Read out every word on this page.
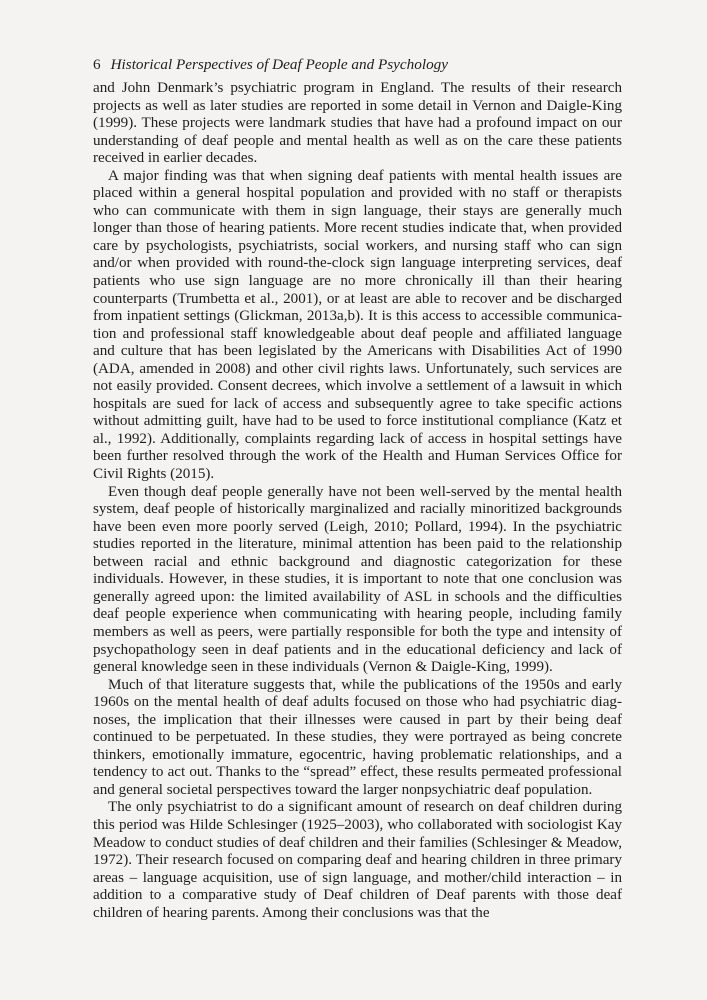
6 Historical Perspectives of Deaf People and Psychology

and John Denmark’s psychiatric program in England. The results of their research projects as well as later studies are reported in some detail in Vernon and Daigle-King (1999). These projects were landmark studies that have had a profound impact on our understanding of deaf people and mental health as well as on the care these patients received in earlier decades.

A major finding was that when signing deaf patients with mental health issues are placed within a general hospital population and provided with no staff or therapists who can communicate with them in sign language, their stays are generally much longer than those of hearing patients. More recent studies indicate that, when provided care by psychologists, psychiatrists, social workers, and nursing staff who can sign and/or when provided with round-the-clock sign language interpreting services, deaf patients who use sign language are no more chronically ill than their hearing counterparts (Trumbetta et al., 2001), or at least are able to recover and be discharged from inpatient settings (Glickman, 2013a,b). It is this access to accessible communication and professional staff knowledgeable about deaf people and affiliated language and culture that has been legislated by the Americans with Disabilities Act of 1990 (ADA, amended in 2008) and other civil rights laws. Unfortunately, such services are not easily provided. Consent decrees, which involve a settlement of a lawsuit in which hospitals are sued for lack of access and subsequently agree to take specific actions without admitting guilt, have had to be used to force institutional compliance (Katz et al., 1992). Additionally, complaints regarding lack of access in hospital settings have been further resolved through the work of the Health and Human Services Office for Civil Rights (2015).

Even though deaf people generally have not been well-served by the mental health system, deaf people of historically marginalized and racially minoritized backgrounds have been even more poorly served (Leigh, 2010; Pollard, 1994). In the psychiatric studies reported in the literature, minimal attention has been paid to the relationship between racial and ethnic background and diagnostic categorization for these individuals. However, in these studies, it is important to note that one conclusion was generally agreed upon: the limited availability of ASL in schools and the difficulties deaf people experience when communicating with hearing people, including family members as well as peers, were partially responsible for both the type and intensity of psychopathology seen in deaf patients and in the educational deficiency and lack of general knowledge seen in these individuals (Vernon & Daigle-King, 1999).

Much of that literature suggests that, while the publications of the 1950s and early 1960s on the mental health of deaf adults focused on those who had psychiatric diagnoses, the implication that their illnesses were caused in part by their being deaf continued to be perpetuated. In these studies, they were portrayed as being concrete thinkers, emotionally immature, egocentric, having problematic relationships, and a tendency to act out. Thanks to the “spread” effect, these results permeated professional and general societal perspectives toward the larger nonpsychiatric deaf population.

The only psychiatrist to do a significant amount of research on deaf children during this period was Hilde Schlesinger (1925–2003), who collaborated with sociologist Kay Meadow to conduct studies of deaf children and their families (Schlesinger & Meadow, 1972). Their research focused on comparing deaf and hearing children in three primary areas – language acquisition, use of sign language, and mother/child interaction – in addition to a comparative study of Deaf children of Deaf parents with those deaf children of hearing parents. Among their conclusions was that the
